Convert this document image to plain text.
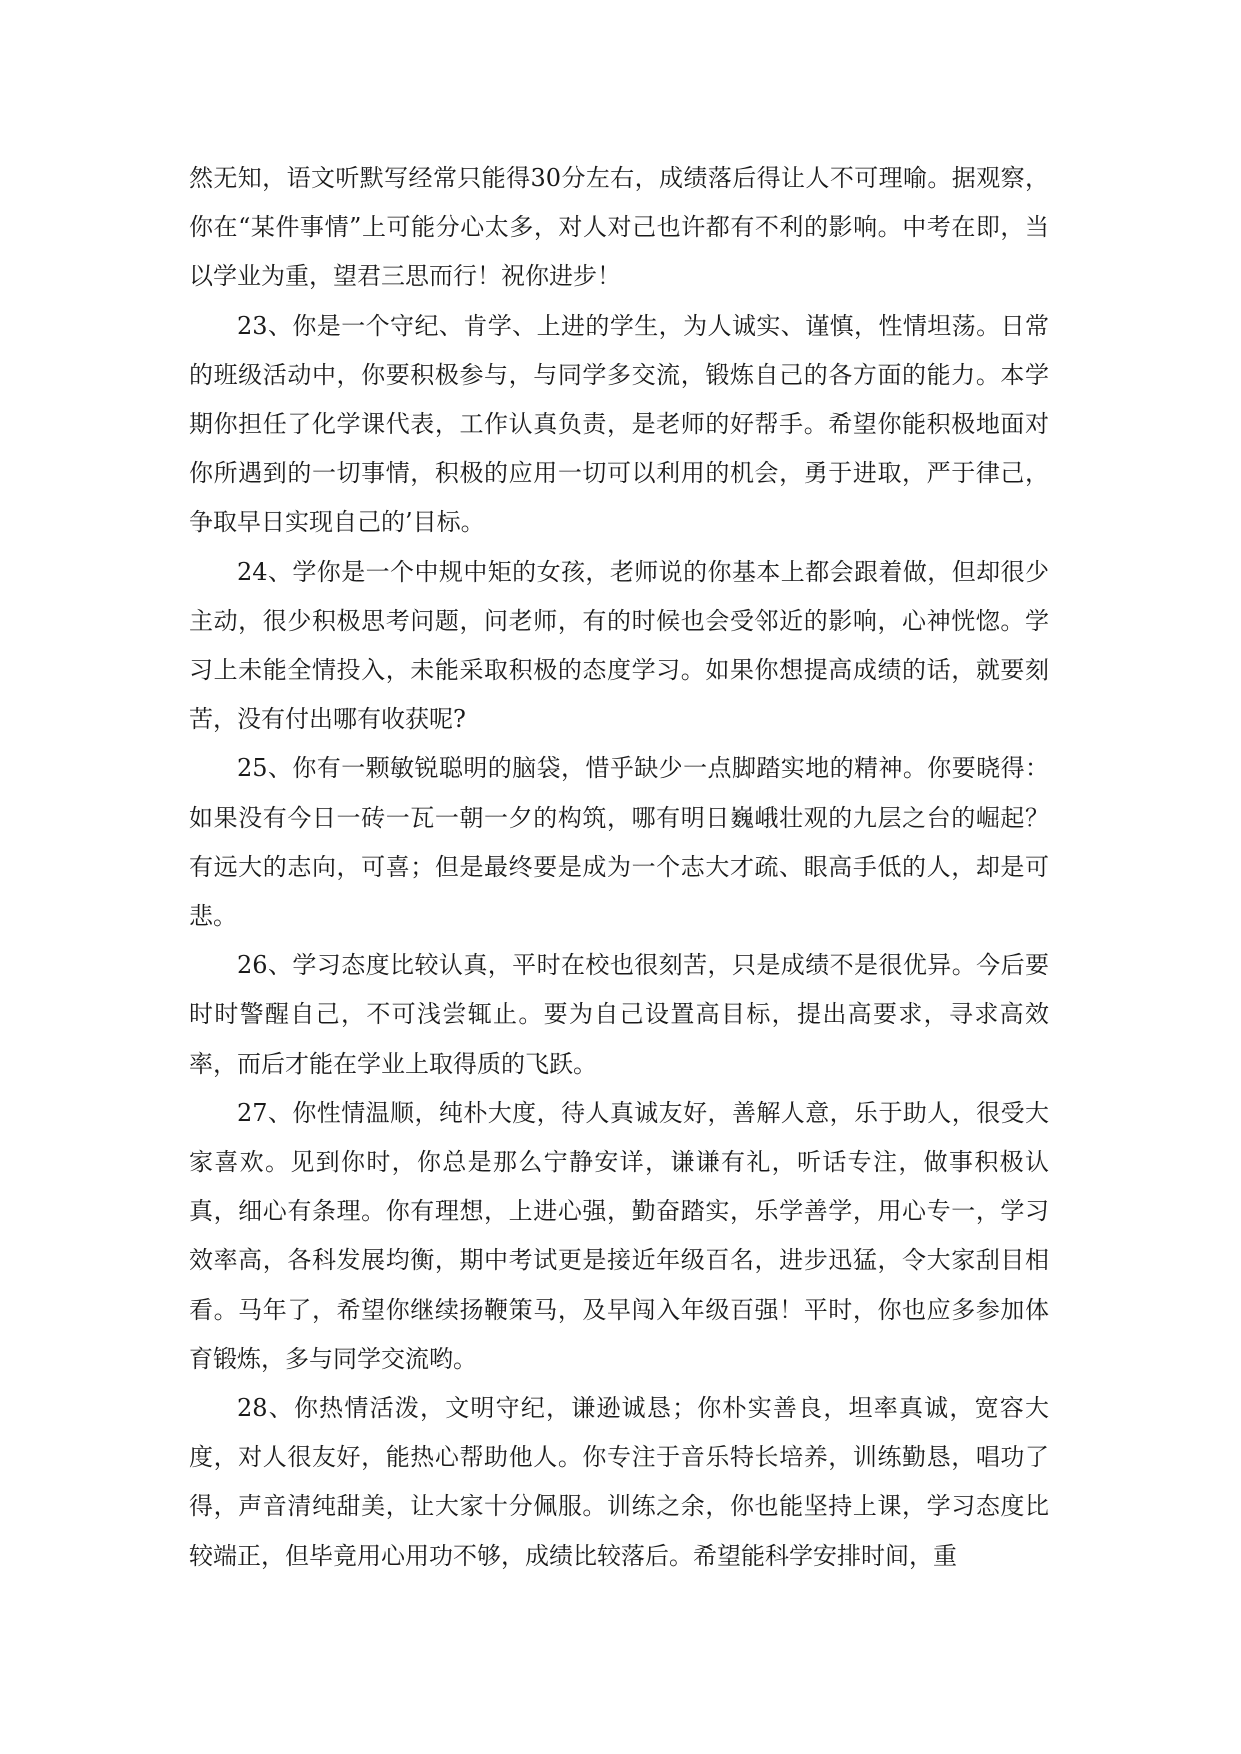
然无知，语文听默写经常只能得30分左右，成绩落后得让人不可理喻。据观察，你在“某件事情”上可能分心太多，对人对己也许都有不利的影响。中考在即，当以学业为重，望君三思而行！祝你进步！

23、你是一个守纪、肯学、上进的学生，为人诚实、谨慎，性情坦荡。日常的班级活动中，你要积极参与，与同学多交流，锻炼自己的各方面的能力。本学期你担任了化学课代表，工作认真负责，是老师的好帮手。希望你能积极地面对你所遇到的一切事情，积极的应用一切可以利用的机会，勇于进取，严于律己，争取早日实现自己的’目标。

24、学你是一个中规中矩的女孩，老师说的你基本上都会跟着做，但却很少主动，很少积极思考问题，问老师，有的时候也会受邻近的影响，心神恍惚。学习上未能全情投入，未能采取积极的态度学习。如果你想提高成绩的话，就要刻苦，没有付出哪有收获呢?

25、你有一颗敏锐聪明的脑袋，惜乎缺少一点脚踏实地的精神。你要晓得：如果没有今日一砖一瓦一朝一夕的构筑，哪有明日巍峨壮观的九层之台的崛起？有远大的志向，可喜；但是最终要是成为一个志大才疏、眼高手低的人，却是可悲。

26、学习态度比较认真，平时在校也很刻苦，只是成绩不是很优异。今后要时时警醒自己，不可浅尝辄止。要为自己设置高目标，提出高要求，寻求高效率，而后才能在学业上取得质的飞跃。

27、你性情温顺，纯朴大度，待人真诚友好，善解人意，乐于助人，很受大家喜欢。见到你时，你总是那么宁静安详，谦谦有礼，听话专注，做事积极认真，细心有条理。你有理想，上进心强，勤奋踏实，乐学善学，用心专一，学习效率高，各科发展均衡，期中考试更是接近年级百名，进步迅猛，令大家刮目相看。马年了，希望你继续扬鞭策马，及早闯入年级百强！平时，你也应多参加体育锻炼，多与同学交流哟。

28、你热情活泼，文明守纪，谦逊诚恳；你朴实善良，坦率真诚，宽容大度，对人很友好，能热心帮助他人。你专注于音乐特长培养，训练勤恳，唱功了得，声音清纯甜美，让大家十分佩服。训练之余，你也能坚持上课，学习态度比较端正，但毕竟用心用功不够，成绩比较落后。希望能科学安排时间，重
